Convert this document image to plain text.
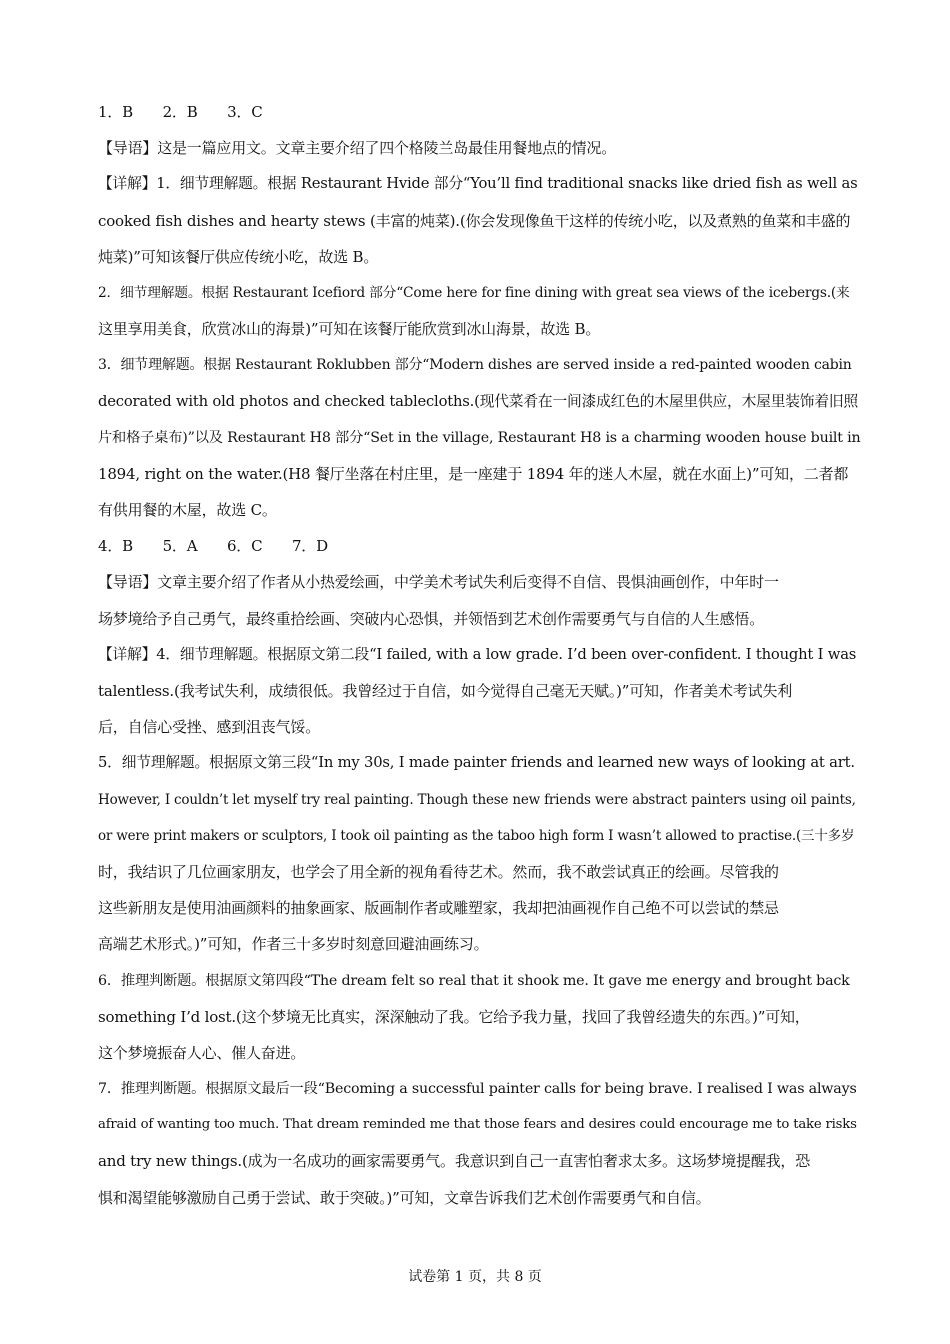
1．B　　2．B　　3．C
【导语】这是一篇应用文。文章主要介绍了四个格陵兰岛最佳用餐地点的情况。
【详解】1．细节理解题。根据 Restaurant Hvide 部分“You’ll find traditional snacks like dried fish as well as
cooked fish dishes and hearty stews (丰富的炖菜).(你会发现像鱼干这样的传统小吃，以及煮熟的鱼菜和丰盛的
炖菜)”可知该餐厅供应传统小吃，故选 B。
2．细节理解题。根据 Restaurant Icefiord 部分“Come here for fine dining with great sea views of the icebergs.(来
这里享用美食，欣赏冰山的海景)”可知在该餐厅能欣赏到冰山海景，故选 B。
3．细节理解题。根据 Restaurant Roklubben 部分“Modern dishes are served inside a red-painted wooden cabin
decorated with old photos and checked tablecloths.(现代菜肴在一间漆成红色的木屋里供应，木屋里装饰着旧照
片和格子桌布)”以及 Restaurant H8 部分“Set in the village, Restaurant H8 is a charming wooden house built in
1894, right on the water.(H8 餐厅坐落在村庄里，是一座建于 1894 年的迷人木屋，就在水面上)”可知，二者都
有供用餐的木屋，故选 C。
4．B　　5．A　　6．C　　7．D
【导语】文章主要介绍了作者从小热爱绘画，中学美术考试失利后变得不自信、畏惧油画创作，中年时一
场梦境给予自己勇气，最终重拾绘画、突破内心恐惧，并领悟到艺术创作需要勇气与自信的人生感悟。
【详解】4．细节理解题。根据原文第二段“I failed, with a low grade. I’d been over-confident. I thought I was
talentless.(我考试失利，成绩很低。我曾经过于自信，如今觉得自己毫无天赋。)”可知，作者美术考试失利
后，自信心受挫、感到沮丧气馁。
5．细节理解题。根据原文第三段“In my 30s, I made painter friends and learned new ways of looking at art.
However, I couldn’t let myself try real painting. Though these new friends were abstract painters using oil paints,
or were print makers or sculptors, I took oil painting as the taboo high form I wasn’t allowed to practise.(三十多岁
时，我结识了几位画家朋友，也学会了用全新的视角看待艺术。然而，我不敢尝试真正的绘画。尽管我的
这些新朋友是使用油画颜料的抽象画家、版画制作者或雕塑家，我却把油画视作自己绝不可以尝试的禁忌
高端艺术形式。)”可知，作者三十多岁时刻意回避油画练习。
6．推理判断题。根据原文第四段“The dream felt so real that it shook me. It gave me energy and brought back
something I’d lost.(这个梦境无比真实，深深触动了我。它给予我力量，找回了我曾经遗失的东西。)”可知，
这个梦境振奋人心、催人奋进。
7．推理判断题。根据原文最后一段“Becoming a successful painter calls for being brave. I realised I was always
afraid of wanting too much. That dream reminded me that those fears and desires could encourage me to take risks
and try new things.(成为一名成功的画家需要勇气。我意识到自己一直害怕奢求太多。这场梦境提醒我，恐
惧和渴望能够激励自己勇于尝试、敢于突破。)”可知，文章告诉我们艺术创作需要勇气和自信。
试卷第 1 页，共 8 页
